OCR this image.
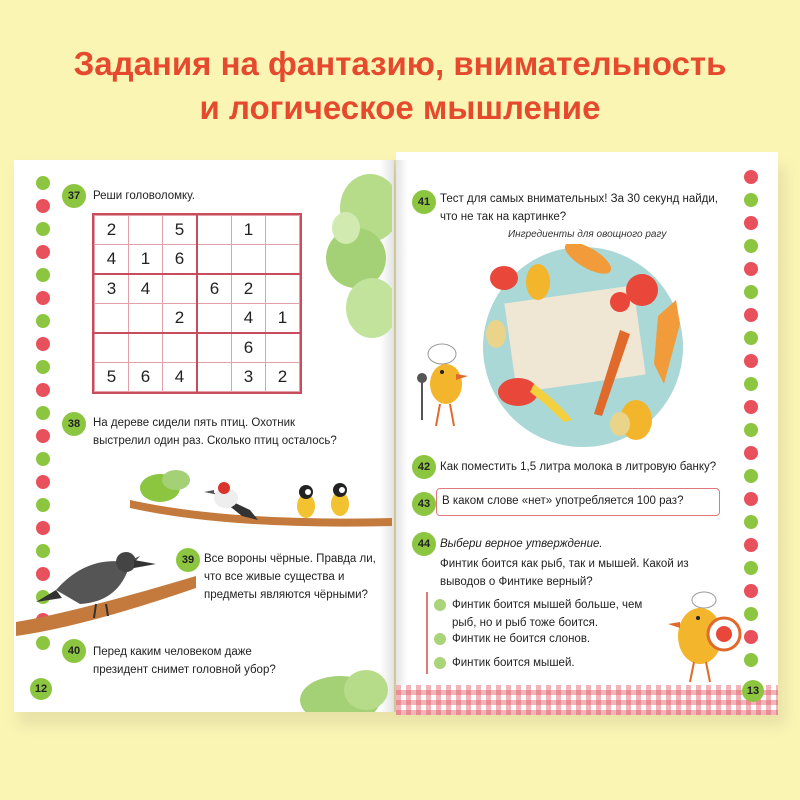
Задания на фантазию, внимательность
и логическое мышление
37	Реши головоломку.
2		5		1	
4	1	6			
3	4		6	2	
		2		4	1
				6	
5	6	4		3	2
38	На дереве сидели пять птиц. Охотник
выстрелил один раз. Сколько птиц осталось?
39 Все вороны чёрные. Правда ли,
что все живые существа и
предметы являются чёрными?
40	Перед каким человеком даже
президент снимет головной убор?
12
41 Тест для самых внимательных! За 30 секунд найди,
что не так на картинке?
Ингредиенты для овощного рагу
42 Как поместить 1,5 литра молока в литровую банку?
43	В каком слове «нет» употребляется 100 раз?
44 Выбери верное утверждение.
Финтик боится как рыб, так и мышей. Какой из
выводов о Финтике верный?
Финтик боится мышей больше, чем
рыб, но и рыб тоже боится.
Финтик не боится слонов.
Финтик боится мышей.
13
